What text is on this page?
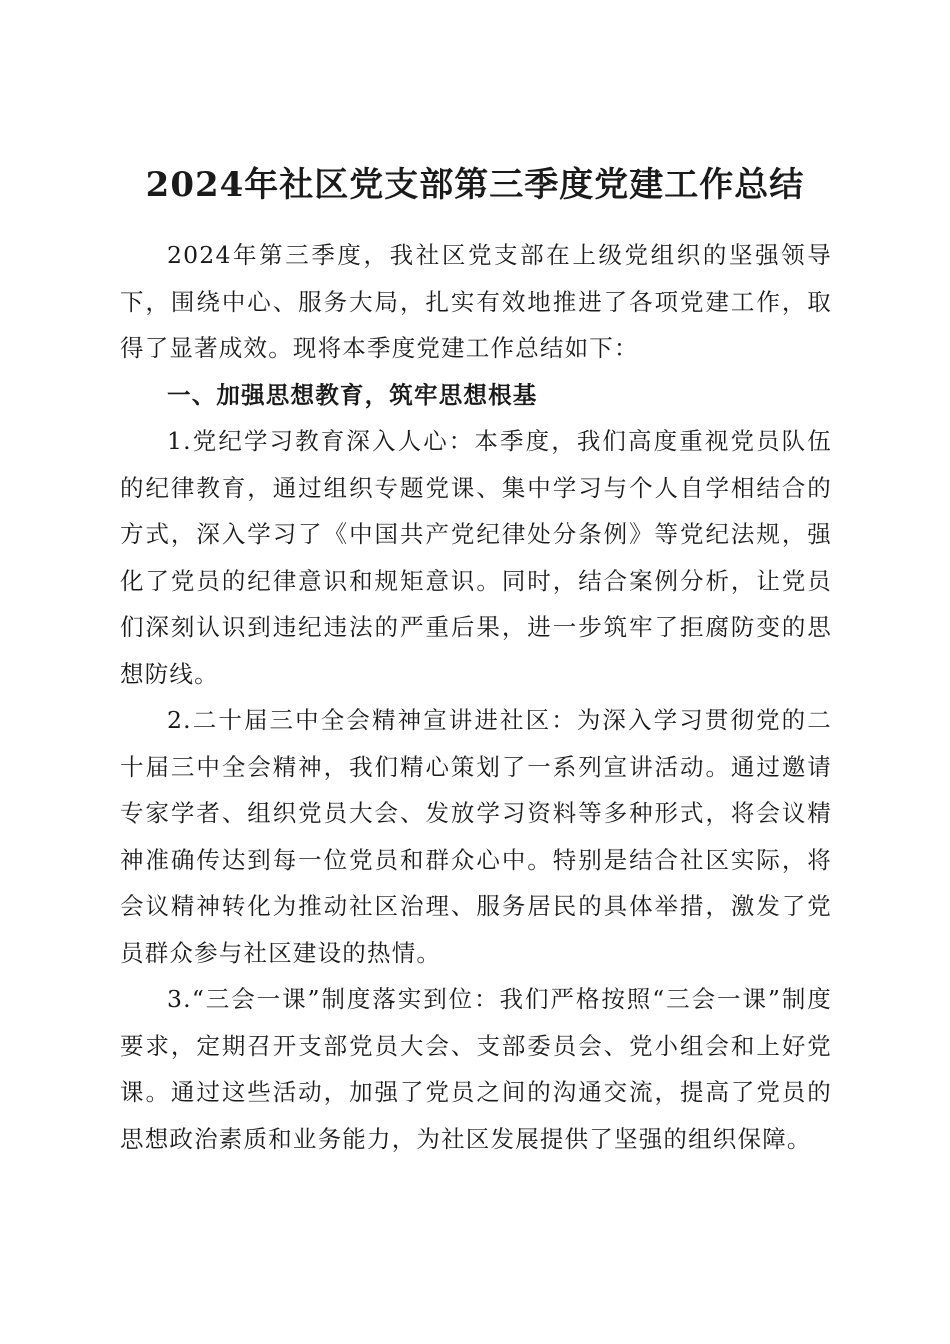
2024年社区党支部第三季度党建工作总结

2024年第三季度，我社区党支部在上级党组织的坚强领导下，围绕中心、服务大局，扎实有效地推进了各项党建工作，取得了显著成效。现将本季度党建工作总结如下：

一、加强思想教育，筑牢思想根基

1.党纪学习教育深入人心：本季度，我们高度重视党员队伍的纪律教育，通过组织专题党课、集中学习与个人自学相结合的方式，深入学习了《中国共产党纪律处分条例》等党纪法规，强化了党员的纪律意识和规矩意识。同时，结合案例分析，让党员们深刻认识到违纪违法的严重后果，进一步筑牢了拒腐防变的思想防线。

2.二十届三中全会精神宣讲进社区：为深入学习贯彻党的二十届三中全会精神，我们精心策划了一系列宣讲活动。通过邀请专家学者、组织党员大会、发放学习资料等多种形式，将会议精神准确传达到每一位党员和群众心中。特别是结合社区实际，将会议精神转化为推动社区治理、服务居民的具体举措，激发了党员群众参与社区建设的热情。

3.“三会一课”制度落实到位：我们严格按照“三会一课”制度要求，定期召开支部党员大会、支部委员会、党小组会和上好党课。通过这些活动，加强了党员之间的沟通交流，提高了党员的思想政治素质和业务能力，为社区发展提供了坚强的组织保障。
